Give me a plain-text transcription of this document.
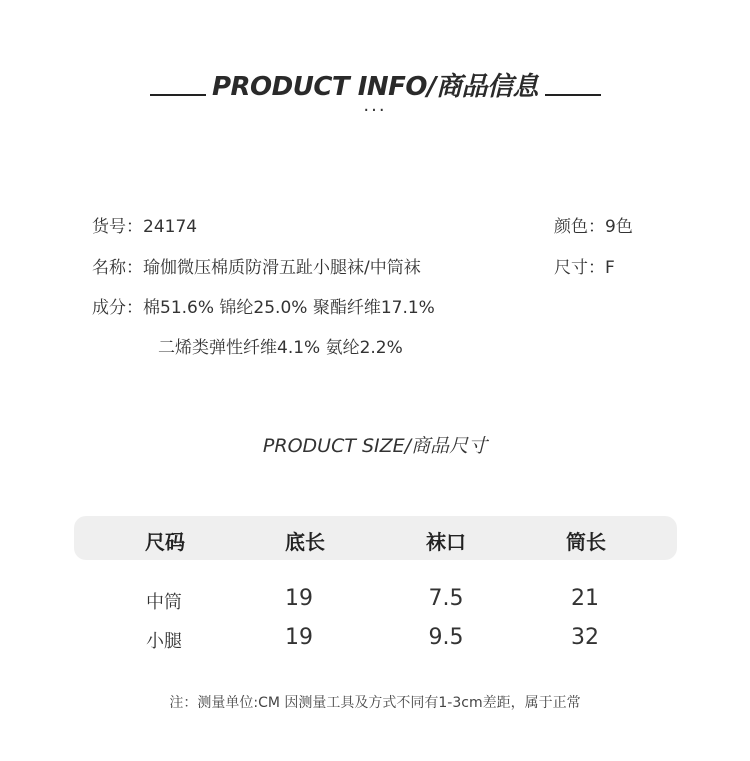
PRODUCT INFO/商品信息
···
货号：24174	颜色：9色
名称：瑜伽微压棉质防滑五趾小腿袜/中筒袜	尺寸：F
成分：棉51.6% 锦纶25.0% 聚酯纤维17.1%
二烯类弹性纤维4.1% 氨纶2.2%
PRODUCT SIZE/商品尺寸
尺码	底长	袜口	筒长
中筒	19	7.5	21
小腿	19	9.5	32
注：测量单位:CM 因测量工具及方式不同有1-3cm差距，属于正常
